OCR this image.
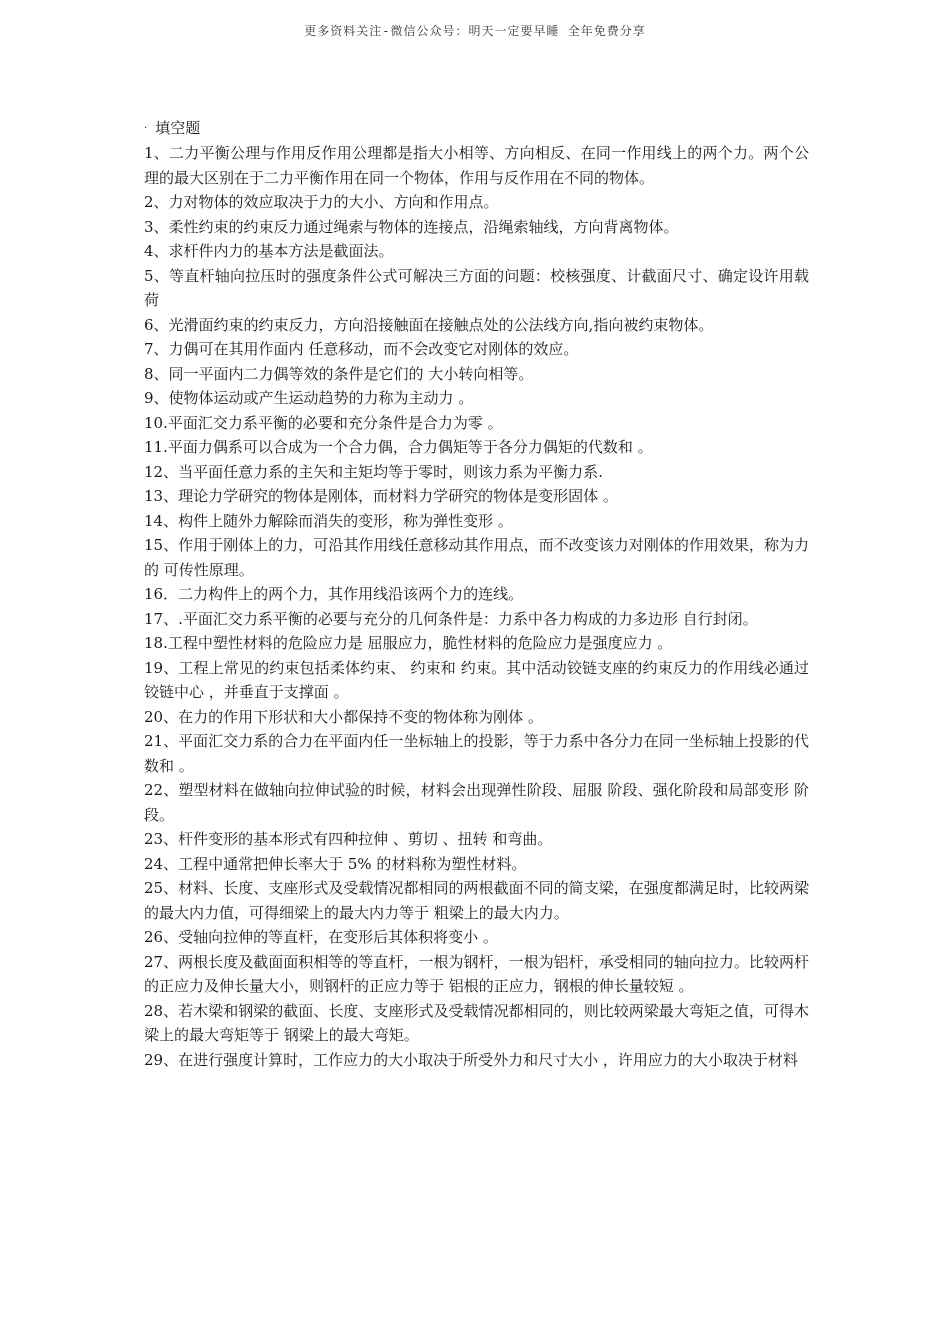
更多资料关注-微信公众号：明天一定要早睡 全年免费分享

· 填空题

1、二力平衡公理与作用反作用公理都是指大小相等、方向相反、在同一作用线上的两个力。两个公理的最大区别在于二力平衡作用在同一个物体，作用与反作用在不同的物体。

2、力对物体的效应取决于力的大小、方向和作用点。

3、柔性约束的约束反力通过绳索与物体的连接点，沿绳索轴线，方向背离物体。

4、求杆件内力的基本方法是截面法。

5、等直杆轴向拉压时的强度条件公式可解决三方面的问题：校核强度、计截面尺寸、确定设许用载荷

6、光滑面约束的约束反力，方向沿接触面在接触点处的公法线方向,指向被约束物体。

7、力偶可在其用作面内 任意移动，而不会改变它对刚体的效应。

8、同一平面内二力偶等效的条件是它们的 大小转向相等。

9、使物体运动或产生运动趋势的力称为主动力 。

10.平面汇交力系平衡的必要和充分条件是合力为零 。

11.平面力偶系可以合成为一个合力偶，合力偶矩等于各分力偶矩的代数和 。

12、当平面任意力系的主矢和主矩均等于零时，则该力系为平衡力系.

13、理论力学研究的物体是刚体，而材料力学研究的物体是变形固体 。

14、构件上随外力解除而消失的变形，称为弹性变形 。

15、作用于刚体上的力，可沿其作用线任意移动其作用点，而不改变该力对刚体的作用效果，称为力的 可传性原理。

16．二力构件上的两个力，其作用线沿该两个力的连线。

17、.平面汇交力系平衡的必要与充分的几何条件是：力系中各力构成的力多边形 自行封闭。

18.工程中塑性材料的危险应力是 屈服应力，脆性材料的危险应力是强度应力 。

19、工程上常见的约束包括柔体约束、 约束和 约束。其中活动铰链支座的约束反力的作用线必通过铰链中心 ，并垂直于支撑面 。

20、在力的作用下形状和大小都保持不变的物体称为刚体 。

21、平面汇交力系的合力在平面内任一坐标轴上的投影，等于力系中各分力在同一坐标轴上投影的代数和 。

22、塑型材料在做轴向拉伸试验的时候，材料会出现弹性阶段、屈服 阶段、强化阶段和局部变形 阶段。

23、杆件变形的基本形式有四种拉伸 、剪切 、扭转 和弯曲。

24、工程中通常把伸长率大于 5% 的材料称为塑性材料。

25、材料、长度、支座形式及受载情况都相同的两根截面不同的简支梁，在强度都满足时，比较两梁的最大内力值，可得细梁上的最大内力等于 粗梁上的最大内力。

26、受轴向拉伸的等直杆，在变形后其体积将变小 。

27、两根长度及截面面积相等的等直杆，一根为钢杆，一根为铝杆，承受相同的轴向拉力。比较两杆的正应力及伸长量大小，则钢杆的正应力等于 铝根的正应力，钢根的伸长量较短 。

28、若木梁和钢梁的截面、长度、支座形式及受载情况都相同的，则比较两梁最大弯矩之值，可得木梁上的最大弯矩等于 钢梁上的最大弯矩。

29、在进行强度计算时，工作应力的大小取决于所受外力和尺寸大小 ，许用应力的大小取决于材料
